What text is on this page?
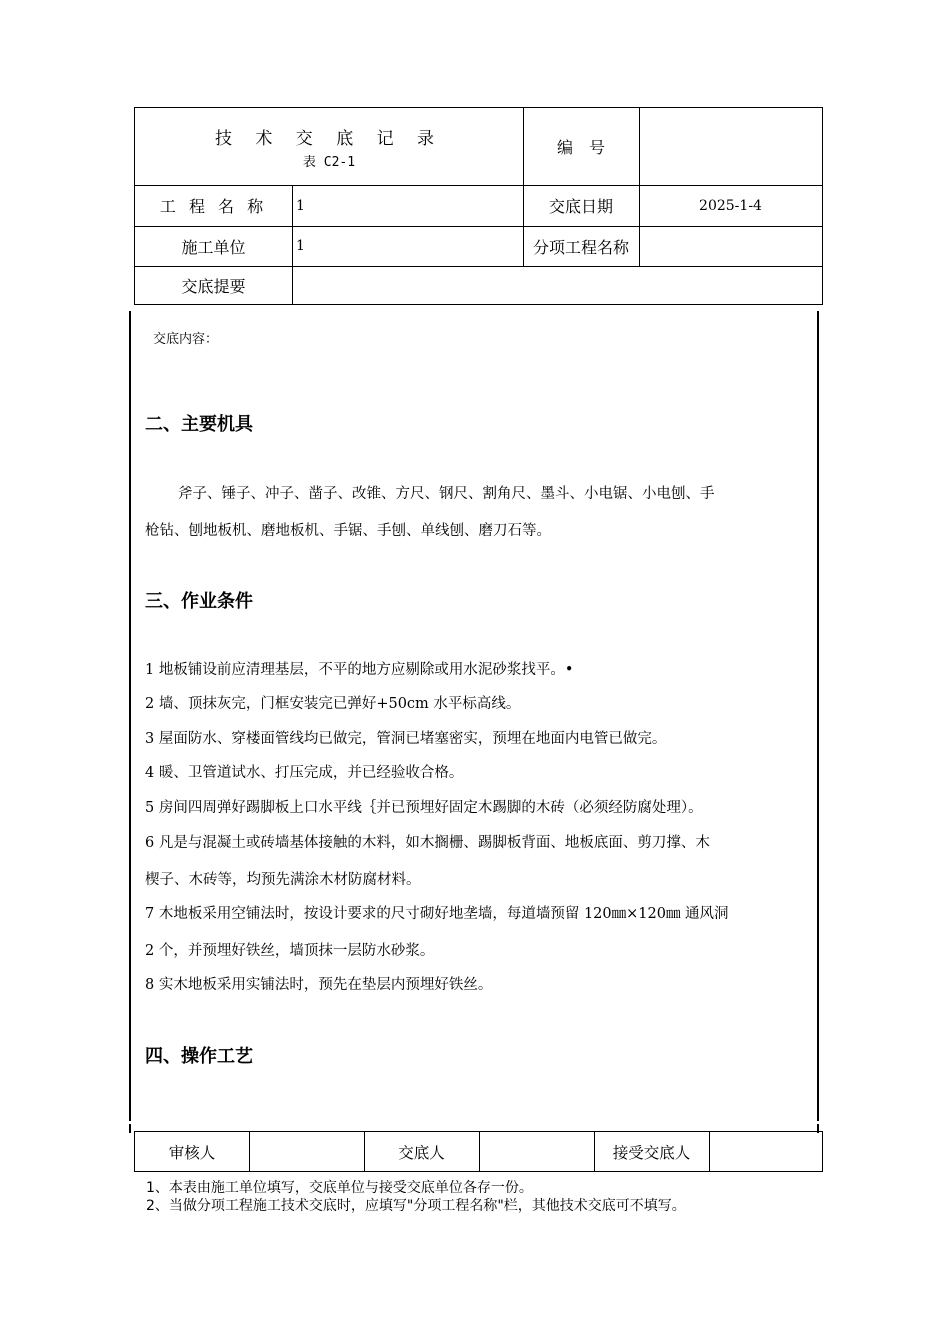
技 术 交 底 记 录
表 C2-1
编　号
工 程 名 称	1	交底日期	2025-1-4
施工单位	1	分项工程名称
交底提要
交底内容：
二、主要机具
斧子、锤子、冲子、凿子、改锥、方尺、钢尺、割角尺、墨斗、小电锯、小电刨、手
枪钻、刨地板机、磨地板机、手锯、手刨、单线刨、磨刀石等。
三、作业条件
1 地板铺设前应清理基层，不平的地方应剔除或用水泥砂浆找平。•
2 墙、顶抹灰完，门框安装完已弹好+50cm 水平标高线。
3 屋面防水、穿楼面管线均已做完，管洞已堵塞密实，预埋在地面内电管已做完。
4 暖、卫管道试水、打压完成，并已经验收合格。
5 房间四周弹好踢脚板上口水平线｛并已预埋好固定木踢脚的木砖（必须经防腐处理）。
6 凡是与混凝土或砖墙基体接触的木料，如木搁栅、踢脚板背面、地板底面、剪刀撑、木
楔子、木砖等，均预先满涂木材防腐材料。
7 木地板采用空铺法时，按设计要求的尺寸砌好地垄墙，每道墙预留 120㎜×120㎜ 通风洞
2 个，并预埋好铁丝，墙顶抹一层防水砂浆。
8 实木地板采用实铺法时，预先在垫层内预埋好铁丝。
四、操作工艺
审核人	交底人	接受交底人
1、本表由施工单位填写，交底单位与接受交底单位各存一份。
2、当做分项工程施工技术交底时，应填写"分项工程名称"栏，其他技术交底可不填写。
